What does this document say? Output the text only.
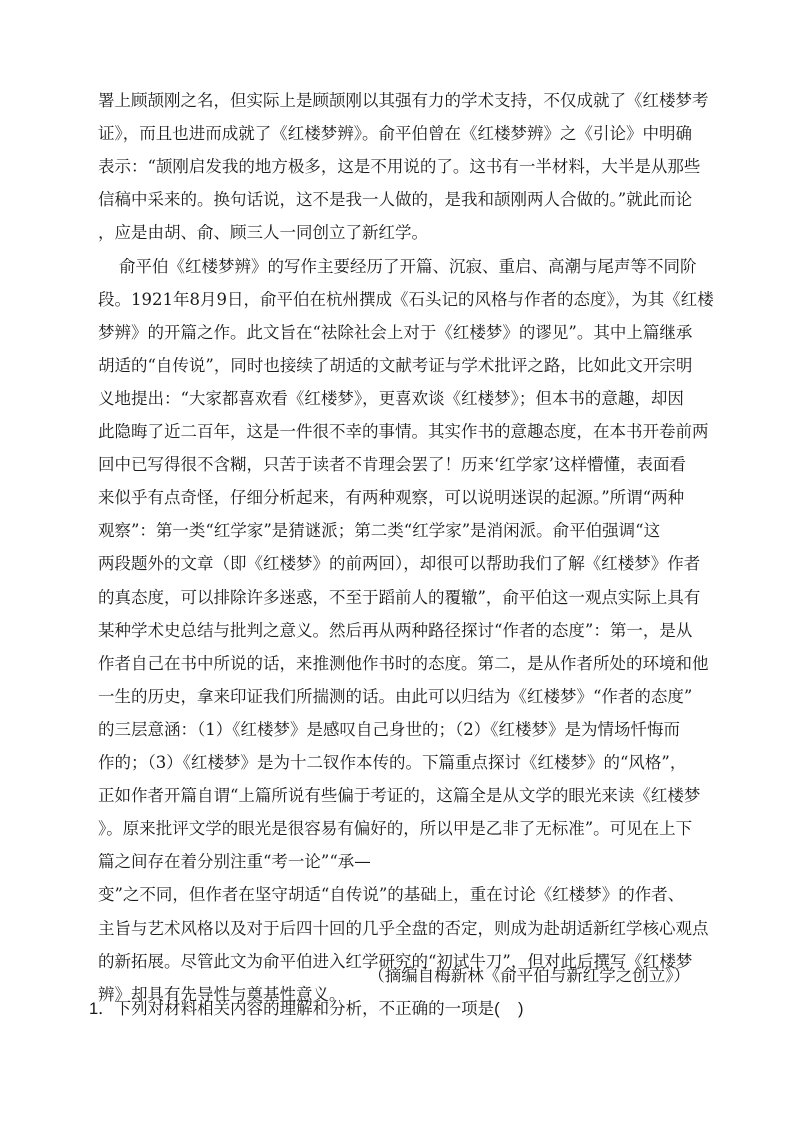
署上顾颉刚之名，但实际上是顾颉刚以其强有力的学术支持，不仅成就了《红楼梦考
证》，而且也进而成就了《红楼梦辨》。俞平伯曾在《红楼梦辨》之《引论》中明确
表示：“颉刚启发我的地方极多，这是不用说的了。这书有一半材料，大半是从那些
信稿中采来的。换句话说，这不是我一人做的，是我和颉刚两人合做的。”就此而论
，应是由胡、俞、顾三人一同创立了新红学。
俞平伯《红楼梦辨》的写作主要经历了开篇、沉寂、重启、高潮与尾声等不同阶
段。1921年8月9日，俞平伯在杭州撰成《石头记的风格与作者的态度》，为其《红楼
梦辨》的开篇之作。此文旨在“祛除社会上对于《红楼梦》的谬见”。其中上篇继承
胡适的“自传说”，同时也接续了胡适的文献考证与学术批评之路，比如此文开宗明
义地提出：“大家都喜欢看《红楼梦》，更喜欢谈《红楼梦》；但本书的意趣，却因
此隐晦了近二百年，这是一件很不幸的事情。其实作书的意趣态度，在本书开卷前两
回中已写得很不含糊，只苦于读者不肯理会罢了！历来‘红学家’这样懵懂，表面看
来似乎有点奇怪，仔细分析起来，有两种观察，可以说明迷误的起源。”所谓“两种
观察”：第一类“红学家”是猜谜派；第二类“红学家”是消闲派。俞平伯强调“这
两段题外的文章（即《红楼梦》的前两回），却很可以帮助我们了解《红楼梦》作者
的真态度，可以排除许多迷惑，不至于蹈前人的覆辙”，俞平伯这一观点实际上具有
某种学术史总结与批判之意义。然后再从两种路径探讨“作者的态度”：第一，是从
作者自己在书中所说的话，来推测他作书时的态度。第二，是从作者所处的环境和他
一生的历史，拿来印证我们所揣测的话。由此可以归结为《红楼梦》“作者的态度”
的三层意涵：（1）《红楼梦》是感叹自己身世的；（2）《红楼梦》是为情场忏悔而
作的；（3）《红楼梦》是为十二钗作本传的。下篇重点探讨《红楼梦》的“风格”，
正如作者开篇自谓“上篇所说有些偏于考证的，这篇全是从文学的眼光来读《红楼梦
》。原来批评文学的眼光是很容易有偏好的，所以甲是乙非了无标准”。可见在上下
篇之间存在着分别注重“考一论”“承—
变”之不同，但作者在坚守胡适“自传说”的基础上，重在讨论《红楼梦》的作者、
主旨与艺术风格以及对于后四十回的几乎全盘的否定，则成为赴胡适新红学核心观点
的新拓展。尽管此文为俞平伯进入红学研究的“初试牛刀”，但对此后撰写《红楼梦
辨》却具有先导性与奠基性意义。
（摘编自梅新林《俞平伯与新红学之创立》）
1．下列对材料相关内容的理解和分析，不正确的一项是(    )
